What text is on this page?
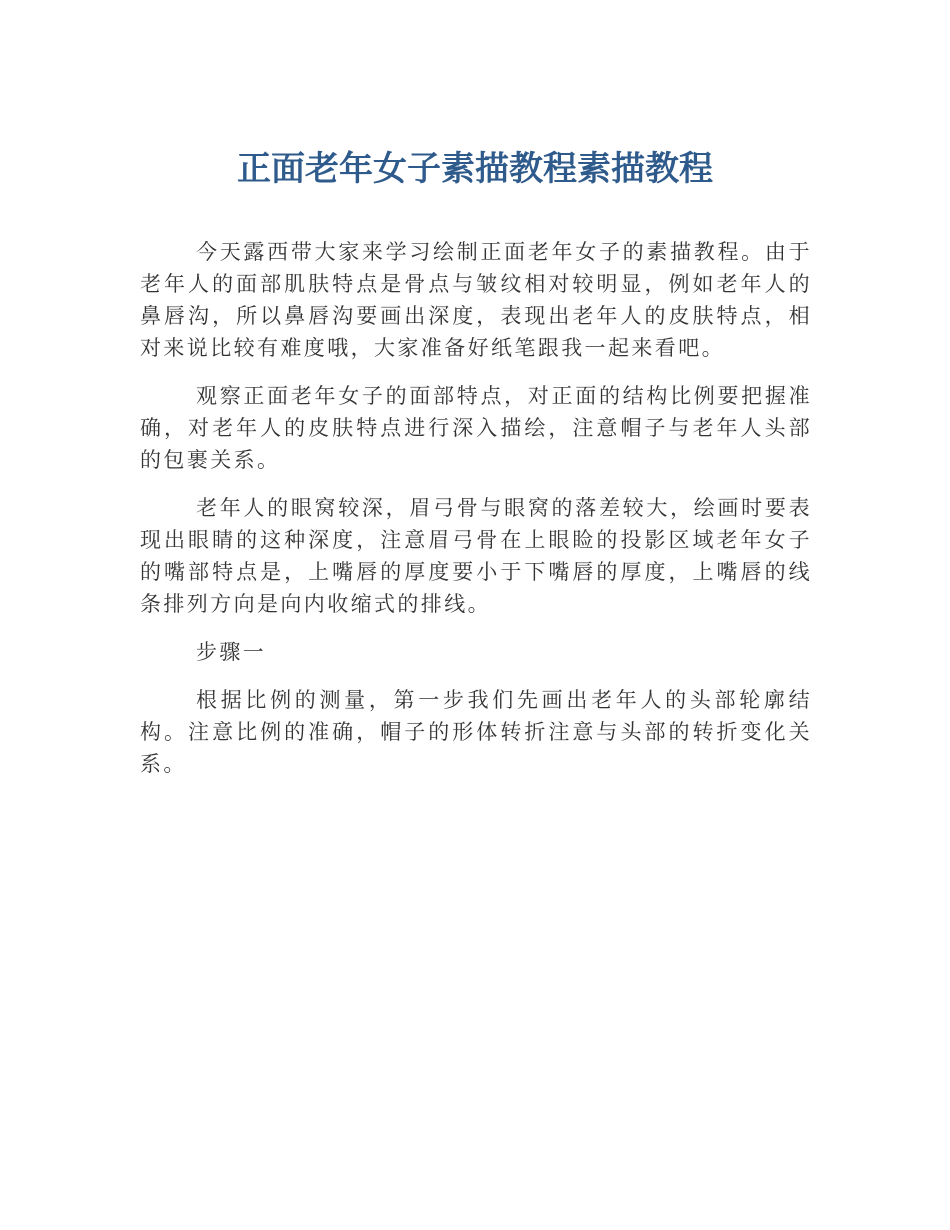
正面老年女子素描教程素描教程

今天露西带大家来学习绘制正面老年女子的素描教程。由于老年人的面部肌肤特点是骨点与皱纹相对较明显，例如老年人的鼻唇沟，所以鼻唇沟要画出深度，表现出老年人的皮肤特点，相对来说比较有难度哦，大家准备好纸笔跟我一起来看吧。

观察正面老年女子的面部特点，对正面的结构比例要把握准确，对老年人的皮肤特点进行深入描绘，注意帽子与老年人头部的包裹关系。

老年人的眼窝较深，眉弓骨与眼窝的落差较大，绘画时要表现出眼睛的这种深度，注意眉弓骨在上眼睑的投影区域老年女子的嘴部特点是，上嘴唇的厚度要小于下嘴唇的厚度，上嘴唇的线条排列方向是向内收缩式的排线。

步骤一

根据比例的测量，第一步我们先画出老年人的头部轮廓结构。注意比例的准确，帽子的形体转折注意与头部的转折变化关系。
